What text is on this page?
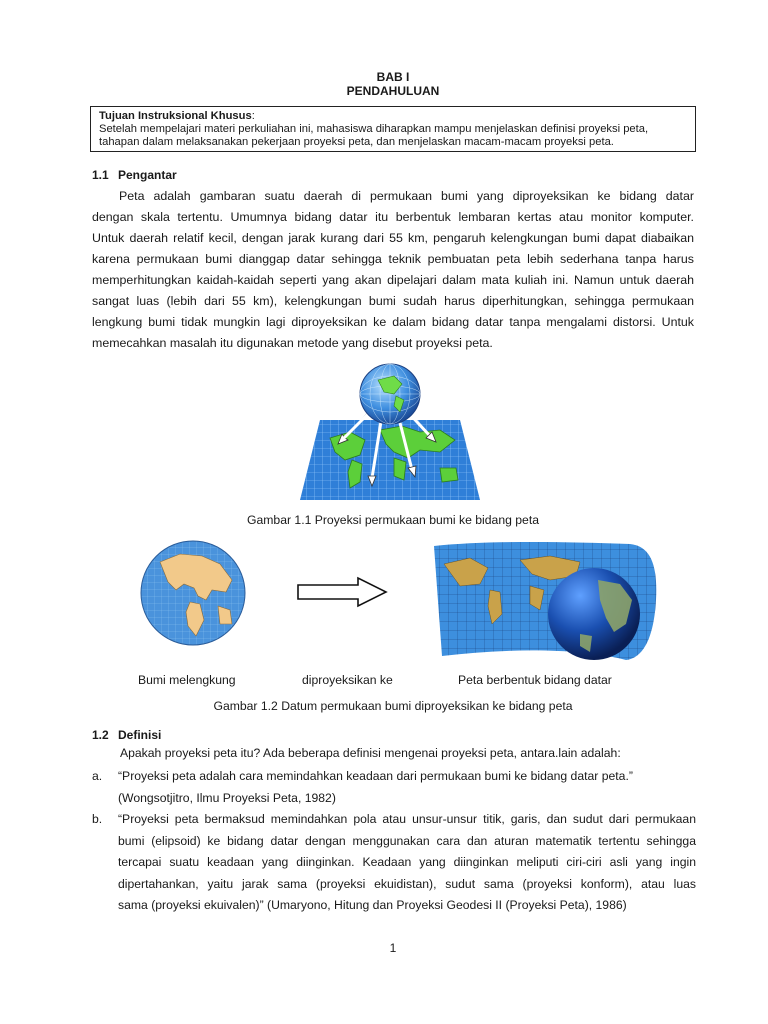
BAB I
PENDAHULUAN
Tujuan Instruksional Khusus:
Setelah mempelajari materi perkuliahan ini, mahasiswa diharapkan mampu menjelaskan definisi proyeksi peta,
tahapan dalam melaksanakan pekerjaan proyeksi peta, dan menjelaskan macam-macam proyeksi peta.
1.1 Pengantar
Peta adalah gambaran suatu daerah di permukaan bumi yang diproyeksikan ke bidang datar
dengan skala tertentu. Umumnya bidang datar itu berbentuk lembaran kertas atau monitor komputer.
Untuk daerah relatif kecil, dengan jarak kurang dari 55 km, pengaruh kelengkungan bumi dapat diabaikan
karena permukaan bumi dianggap datar sehingga teknik pembuatan peta lebih sederhana tanpa harus
memperhitungkan kaidah-kaidah seperti yang akan dipelajari dalam mata kuliah ini. Namun untuk daerah
sangat luas (lebih dari 55 km), kelengkungan bumi sudah harus diperhitungkan, sehingga permukaan
lengkung bumi tidak mungkin lagi diproyeksikan ke dalam bidang datar tanpa mengalami distorsi. Untuk
memecahkan masalah itu digunakan metode yang disebut proyeksi peta.
Gambar 1.1 Proyeksi permukaan bumi ke bidang peta
Bumi melengkung	diproyeksikan ke	Peta berbentuk bidang datar
Gambar 1.2 Datum permukaan bumi diproyeksikan ke bidang peta
1.2 Definisi
Apakah proyeksi peta itu? Ada beberapa definisi mengenai proyeksi peta, antara.lain adalah:
a. “Proyeksi peta adalah cara memindahkan keadaan dari permukaan bumi ke bidang datar peta.”
(Wongsotjitro, Ilmu Proyeksi Peta, 1982)
b. “Proyeksi peta bermaksud memindahkan pola atau unsur-unsur titik, garis, dan sudut dari permukaan
bumi (elipsoid) ke bidang datar dengan menggunakan cara dan aturan matematik tertentu sehingga
tercapai suatu keadaan yang diinginkan. Keadaan yang diinginkan meliputi ciri-ciri asli yang ingin
dipertahankan, yaitu jarak sama (proyeksi ekuidistan), sudut sama (proyeksi konform), atau luas
sama (proyeksi ekuivalen)” (Umaryono, Hitung dan Proyeksi Geodesi II (Proyeksi Peta), 1986)
1
